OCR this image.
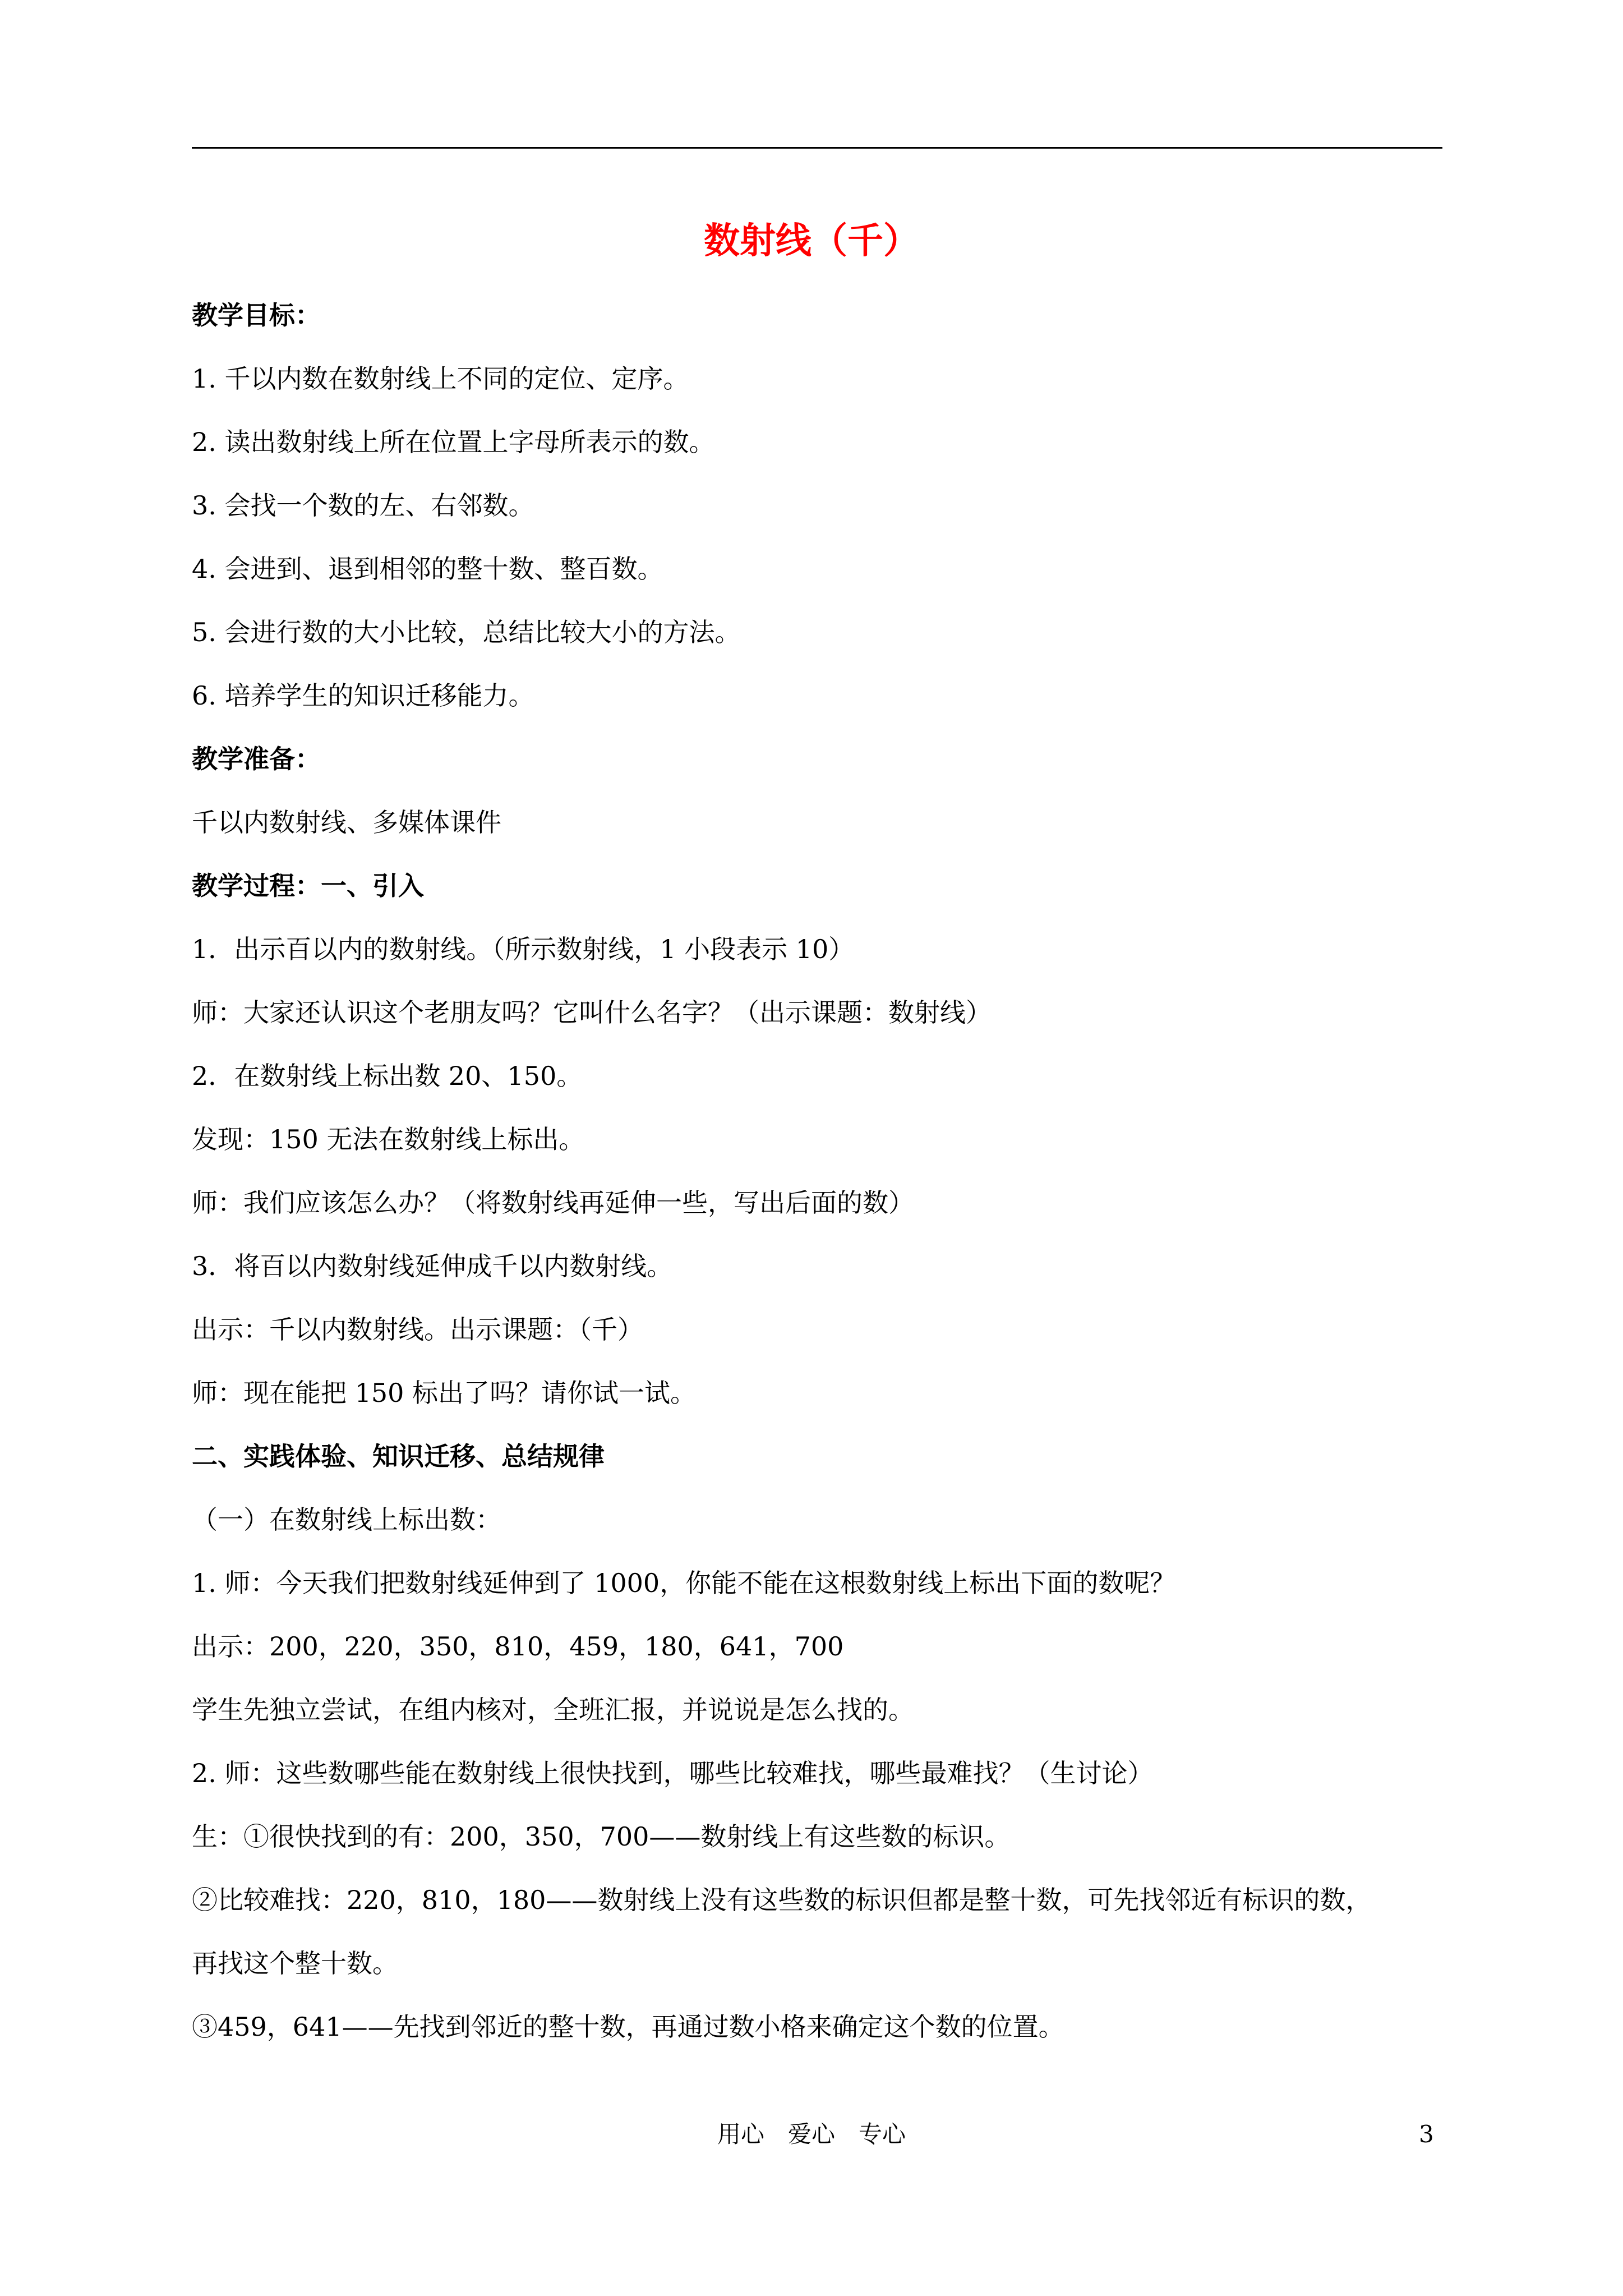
数射线（千）
教学目标：
1. 千以内数在数射线上不同的定位、定序。
2. 读出数射线上所在位置上字母所表示的数。
3. 会找一个数的左、右邻数。
4. 会进到、退到相邻的整十数、整百数。
5. 会进行数的大小比较，总结比较大小的方法。
6. 培养学生的知识迁移能力。
教学准备：
千以内数射线、多媒体课件
教学过程：一、引入
1．出示百以内的数射线。（所示数射线，1 小段表示 10）
师：大家还认识这个老朋友吗？它叫什么名字？（出示课题：数射线）
2．在数射线上标出数 20、150。
发现：150 无法在数射线上标出。
师：我们应该怎么办？（将数射线再延伸一些，写出后面的数）
3．将百以内数射线延伸成千以内数射线。
出示：千以内数射线。出示课题：（千）
师：现在能把 150 标出了吗？请你试一试。
二、实践体验、知识迁移、总结规律
（一）在数射线上标出数：
1. 师：今天我们把数射线延伸到了 1000，你能不能在这根数射线上标出下面的数呢？
出示：200，220，350，810，459，180，641，700
学生先独立尝试，在组内核对，全班汇报，并说说是怎么找的。
2. 师：这些数哪些能在数射线上很快找到，哪些比较难找，哪些最难找？（生讨论）
生：①很快找到的有：200，350，700——数射线上有这些数的标识。
②比较难找：220，810，180——数射线上没有这些数的标识但都是整十数，可先找邻近有标识的数，
再找这个整十数。
③459，641——先找到邻近的整十数，再通过数小格来确定这个数的位置。
用心　爱心　专心	3
